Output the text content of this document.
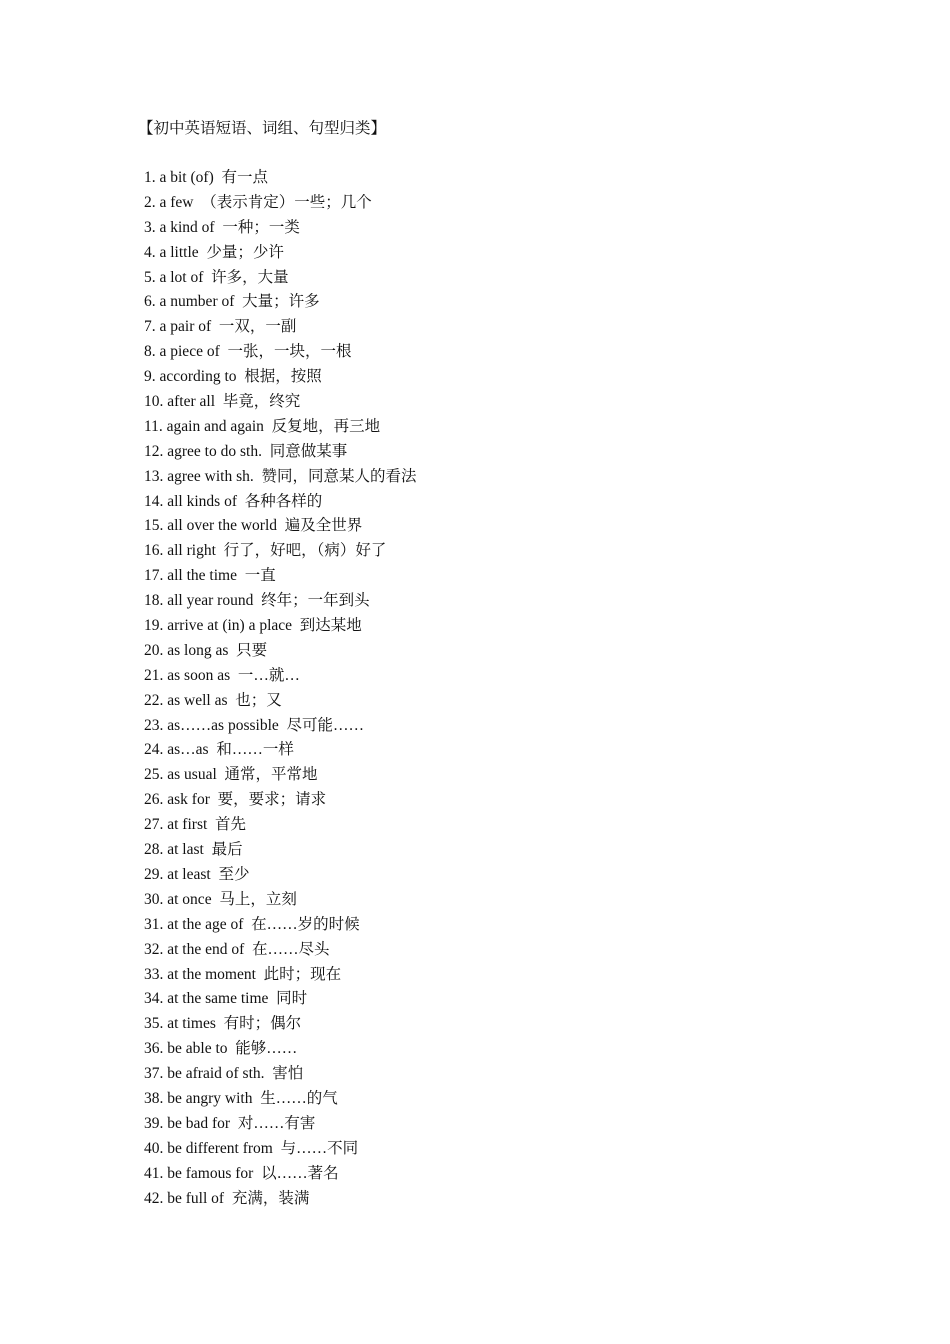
【初中英语短语、词组、句型归类】
1. a bit (of)  有一点
2. a few  （表示肯定）一些；几个
3. a kind of  一种；一类
4. a little  少量；少许
5. a lot of  许多，大量
6. a number of  大量；许多
7. a pair of  一双，一副
8. a piece of  一张，一块，一根
9. according to  根据，按照
10. after all  毕竟，终究
11. again and again  反复地，再三地
12. agree to do sth.  同意做某事
13. agree with sh.  赞同，同意某人的看法
14. all kinds of  各种各样的
15. all over the world  遍及全世界
16. all right  行了，好吧，（病）好了
17. all the time  一直
18. all year round  终年；一年到头
19. arrive at (in) a place  到达某地
20. as long as  只要
21. as soon as  一…就…
22. as well as  也；又
23. as……as possible  尽可能……
24. as…as  和……一样
25. as usual  通常，平常地
26. ask for  要，要求；请求
27. at first  首先
28. at last  最后
29. at least  至少
30. at once  马上，立刻
31. at the age of  在……岁的时候
32. at the end of  在……尽头
33. at the moment  此时；现在
34. at the same time  同时
35. at times  有时；偶尔
36. be able to  能够……
37. be afraid of sth.  害怕
38. be angry with  生……的气
39. be bad for  对……有害
40. be different from  与……不同
41. be famous for  以……著名
42. be full of  充满，装满
